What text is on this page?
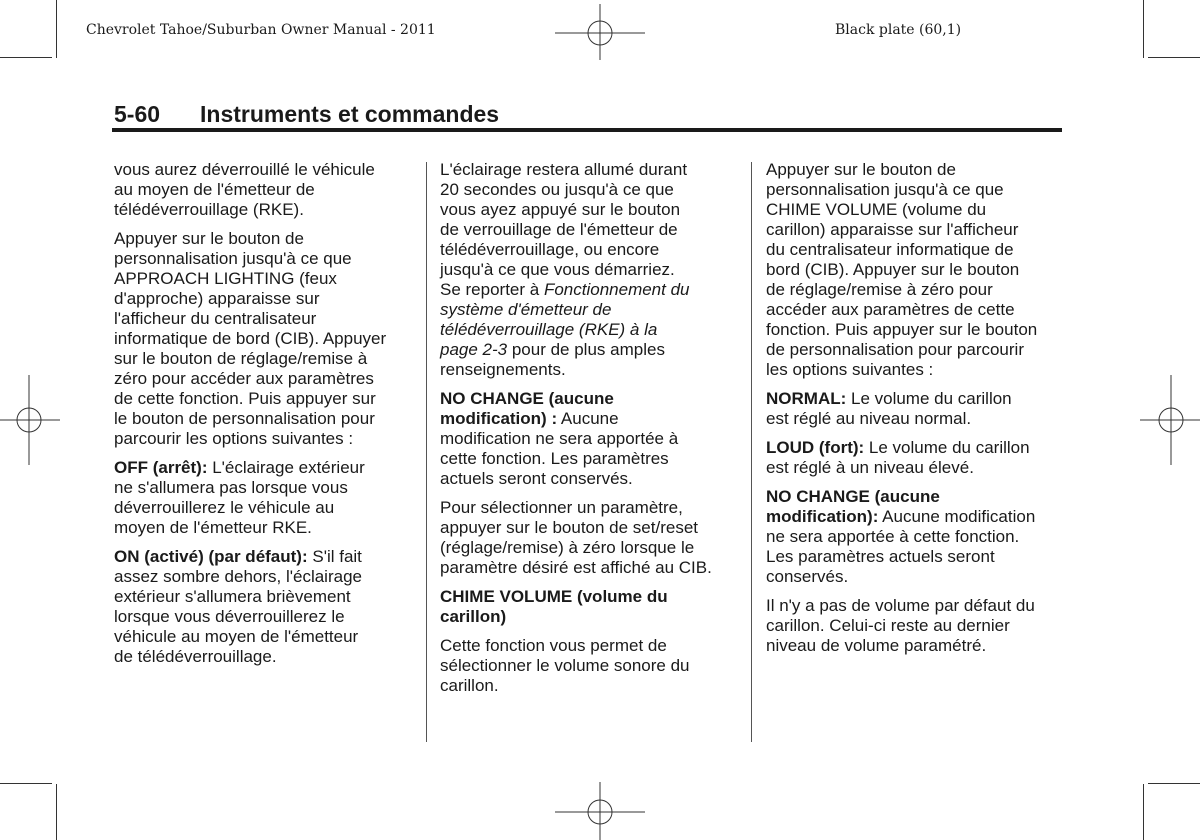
Chevrolet Tahoe/Suburban Owner Manual - 2011	Black plate (60,1)
5-60 Instruments et commandes

vous aurez déverrouillé le véhicule
au moyen de l'émetteur de
télédéverrouillage (RKE).

Appuyer sur le bouton de
personnalisation jusqu'à ce que
APPROACH LIGHTING (feux
d'approche) apparaisse sur
l'afficheur du centralisateur
informatique de bord (CIB). Appuyer
sur le bouton de réglage/remise à
zéro pour accéder aux paramètres
de cette fonction. Puis appuyer sur
le bouton de personnalisation pour
parcourir les options suivantes :

OFF (arrêt): L'éclairage extérieur
ne s'allumera pas lorsque vous
déverrouillerez le véhicule au
moyen de l'émetteur RKE.

ON (activé) (par défaut): S'il fait
assez sombre dehors, l'éclairage
extérieur s'allumera brièvement
lorsque vous déverrouillerez le
véhicule au moyen de l'émetteur
de télédéverrouillage.

L'éclairage restera allumé durant
20 secondes ou jusqu'à ce que
vous ayez appuyé sur le bouton
de verrouillage de l'émetteur de
télédéverrouillage, ou encore
jusqu'à ce que vous démarriez.
Se reporter à Fonctionnement du
système d'émetteur de
télédéverrouillage (RKE) à la
page 2-3 pour de plus amples
renseignements.

NO CHANGE (aucune
modification) : Aucune
modification ne sera apportée à
cette fonction. Les paramètres
actuels seront conservés.

Pour sélectionner un paramètre,
appuyer sur le bouton de set/reset
(réglage/remise) à zéro lorsque le
paramètre désiré est affiché au CIB.

CHIME VOLUME (volume du
carillon)

Cette fonction vous permet de
sélectionner le volume sonore du
carillon.

Appuyer sur le bouton de
personnalisation jusqu'à ce que
CHIME VOLUME (volume du
carillon) apparaisse sur l'afficheur
du centralisateur informatique de
bord (CIB). Appuyer sur le bouton
de réglage/remise à zéro pour
accéder aux paramètres de cette
fonction. Puis appuyer sur le bouton
de personnalisation pour parcourir
les options suivantes :

NORMAL: Le volume du carillon
est réglé au niveau normal.

LOUD (fort): Le volume du carillon
est réglé à un niveau élevé.

NO CHANGE (aucune
modification): Aucune modification
ne sera apportée à cette fonction.
Les paramètres actuels seront
conservés.

Il n'y a pas de volume par défaut du
carillon. Celui-ci reste au dernier
niveau de volume paramétré.
